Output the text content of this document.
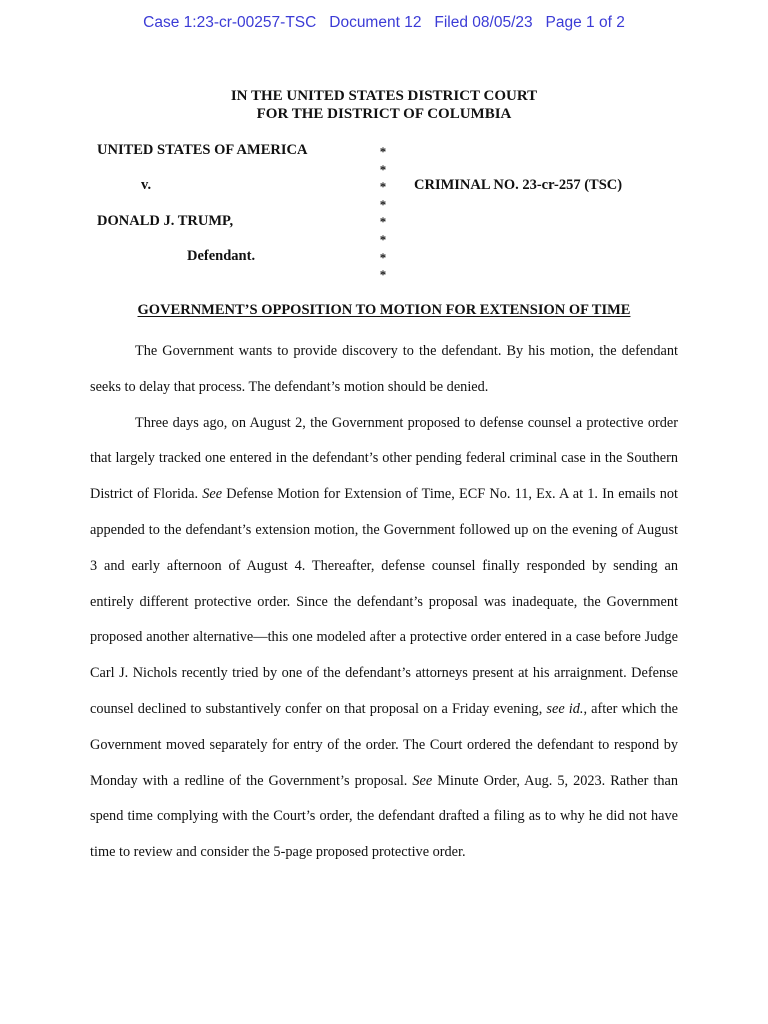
Case 1:23-cr-00257-TSC Document 12 Filed 08/05/23 Page 1 of 2
IN THE UNITED STATES DISTRICT COURT
FOR THE DISTRICT OF COLUMBIA
UNITED STATES OF AMERICA
v.
DONALD J. TRUMP,
Defendant.
*
*
*
*
*
*
*
*
CRIMINAL NO. 23-cr-257 (TSC)
GOVERNMENT’S OPPOSITION TO MOTION FOR EXTENSION OF TIME

The Government wants to provide discovery to the defendant. By his motion, the defendant seeks to delay that process. The defendant’s motion should be denied.

Three days ago, on August 2, the Government proposed to defense counsel a protective order that largely tracked one entered in the defendant’s other pending federal criminal case in the Southern District of Florida. See Defense Motion for Extension of Time, ECF No. 11, Ex. A at 1. In emails not appended to the defendant’s extension motion, the Government followed up on the evening of August 3 and early afternoon of August 4. Thereafter, defense counsel finally responded by sending an entirely different protective order. Since the defendant’s proposal was inadequate, the Government proposed another alternative—this one modeled after a protective order entered in a case before Judge Carl J. Nichols recently tried by one of the defendant’s attorneys present at his arraignment. Defense counsel declined to substantively confer on that proposal on a Friday evening, see id., after which the Government moved separately for entry of the order. The Court ordered the defendant to respond by Monday with a redline of the Government’s proposal. See Minute Order, Aug. 5, 2023. Rather than spend time complying with the Court’s order, the defendant drafted a filing as to why he did not have time to review and consider the 5-page proposed protective order.
